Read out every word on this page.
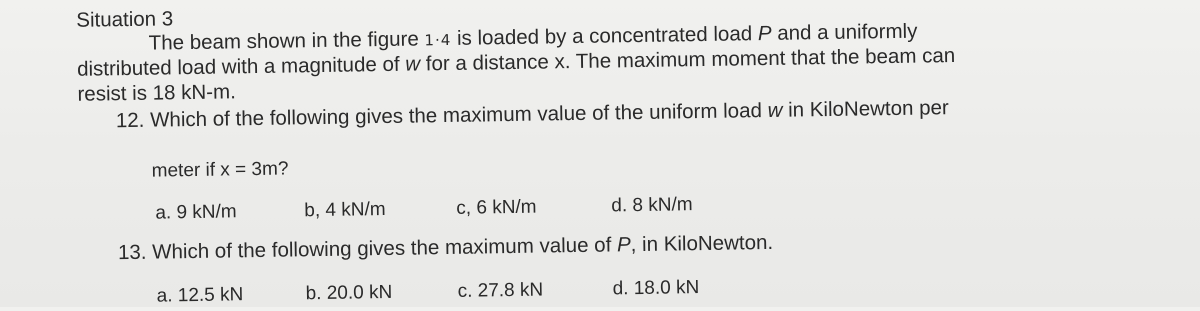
Situation 3
The beam shown in the figure 1·4 is loaded by a concentrated load P and a uniformly
distributed load with a magnitude of w for a distance x. The maximum moment that the beam can
resist is 18 kN-m.
12. Which of the following gives the maximum value of the uniform load w in KiloNewton per
meter if x = 3m?
a. 9 kN/m	b, 4 kN/m	c, 6 kN/m	d. 8 kN/m
13. Which of the following gives the maximum value of P, in KiloNewton.
a. 12.5 kN	b. 20.0 kN	c. 27.8 kN	d. 18.0 kN
